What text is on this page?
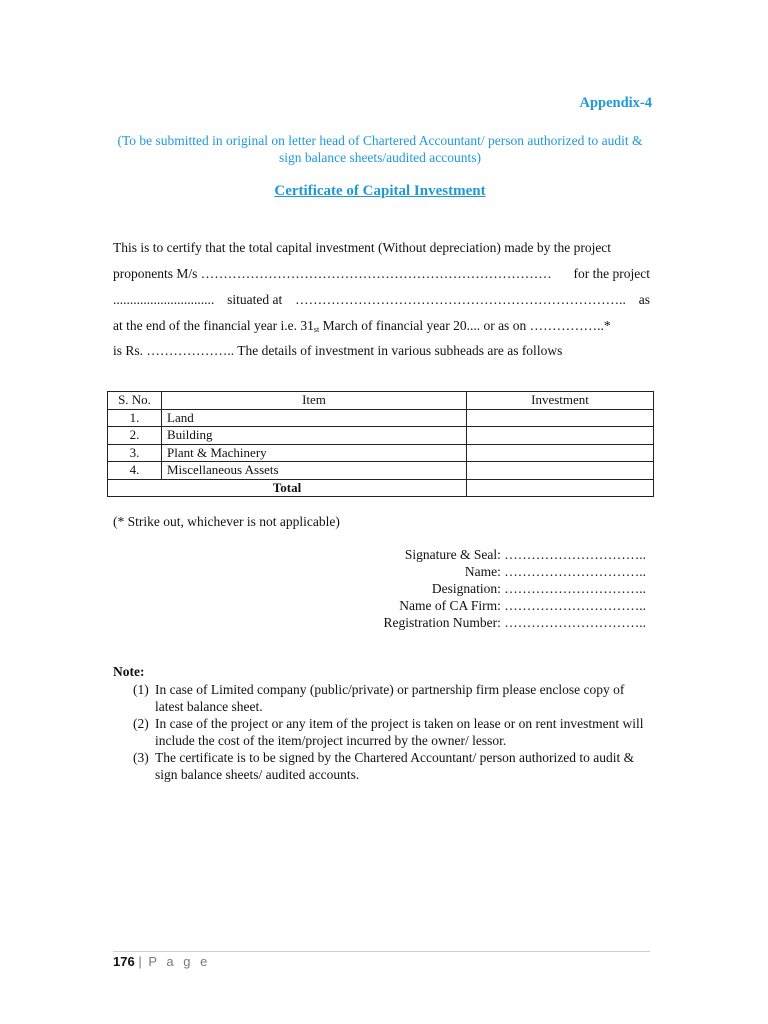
Appendix-4
(To be submitted in original on letter head of Chartered Accountant/ person authorized to audit & sign balance sheets/audited accounts)
Certificate of Capital Investment
This is to certify that the total capital investment (Without depreciation) made by the project
proponents M/s …………………………………………………………………… for the project
.............................. situated at ……………………………………………………………….. as
at the end of the financial year i.e. $31_{st}$ March of financial year 20.... or as on ……………..*
is Rs. ……………….. The details of investment in various subheads are as follows
S. No.	Item	Investment
1.	Land	
2.	Building	
3.	Plant & Machinery	
4.	Miscellaneous Assets	
Total		
(* Strike out, whichever is not applicable)
Signature & Seal: …………………………..
Name: …………………………..
Designation: …………………………..
Name of CA Firm: …………………………..
Registration Number: …………………………..
Note:
(1) In case of Limited company (public/private) or partnership firm please enclose copy of latest balance sheet.
(2) In case of the project or any item of the project is taken on lease or on rent investment will include the cost of the item/project incurred by the owner/ lessor.
(3) The certificate is to be signed by the Chartered Accountant/ person authorized to audit & sign balance sheets/ audited accounts.
176 | P a g e
